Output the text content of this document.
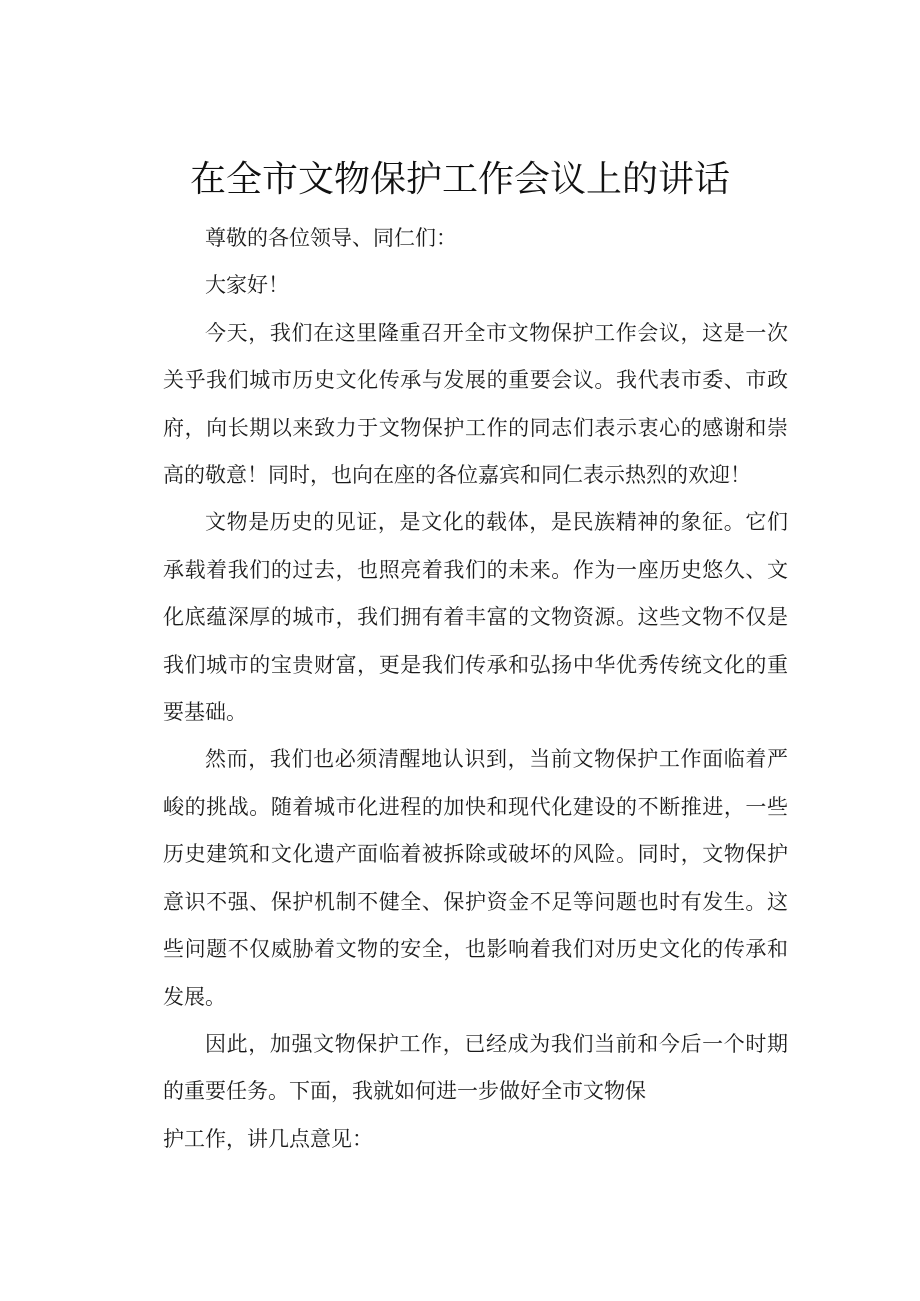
在全市文物保护工作会议上的讲话

尊敬的各位领导、同仁们：

大家好！

今天，我们在这里隆重召开全市文物保护工作会议，这是一次关乎我们城市历史文化传承与发展的重要会议。我代表市委、市政府，向长期以来致力于文物保护工作的同志们表示衷心的感谢和崇高的敬意！同时，也向在座的各位嘉宾和同仁表示热烈的欢迎！

文物是历史的见证，是文化的载体，是民族精神的象征。它们承载着我们的过去，也照亮着我们的未来。作为一座历史悠久、文化底蕴深厚的城市，我们拥有着丰富的文物资源。这些文物不仅是我们城市的宝贵财富，更是我们传承和弘扬中华优秀传统文化的重要基础。

然而，我们也必须清醒地认识到，当前文物保护工作面临着严峻的挑战。随着城市化进程的加快和现代化建设的不断推进，一些历史建筑和文化遗产面临着被拆除或破坏的风险。同时，文物保护意识不强、保护机制不健全、保护资金不足等问题也时有发生。这些问题不仅威胁着文物的安全，也影响着我们对历史文化的传承和发展。

因此，加强文物保护工作，已经成为我们当前和今后一个时期的重要任务。下面，我就如何进一步做好全市文物保

护工作，讲几点意见：
